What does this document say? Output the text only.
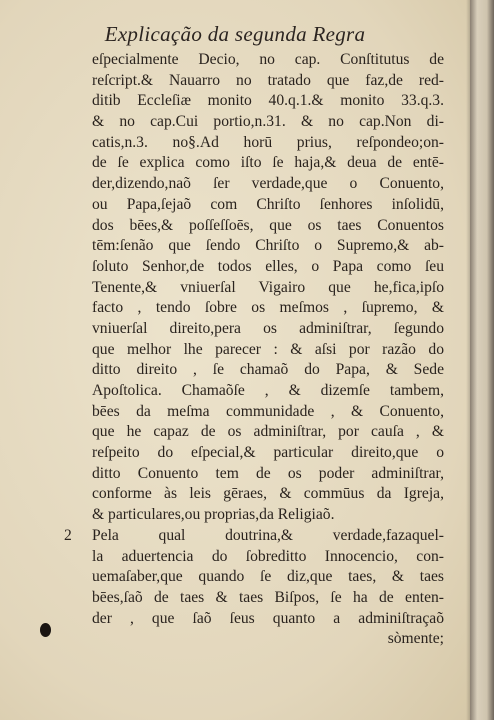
Explicação da segunda Regra
eſpecialmente Decio, no cap. Conſtitutus de
reſcript.& Nauarro no tratado que faz,de red-
ditib Eccleſiæ monito 40.q.1.& monito 33.q.3.
& no cap.Cui portio,n.31. & no cap.Non di-
catis,n.3. no§.Ad horū prius, reſpondeo;on-
de ſe explica como iſto ſe haja,& deua de entē-
der,dizendo,naõ ſer verdade,que o Conuento,
ou Papa,ſejaõ com Chriſto ſenhores inſolidū,
dos bēes,& poſſeſſoēs, que os taes Conuentos
tēm:ſenão que ſendo Chriſto o Supremo,& ab-
ſoluto Senhor,de todos elles, o Papa como ſeu
Tenente,& vniuerſal Vigairo que he,fica,ipſo
facto , tendo ſobre os meſmos , ſupremo, &
vniuerſal direito,pera os adminiſtrar, ſegundo
que melhor lhe parecer : & aſsi por razão do
ditto direito , ſe chamaõ do Papa, & Sede
Apoſtolica. Chamaõſe , & dizemſe tambem,
bēes da meſma communidade , & Conuento,
que he capaz de os adminiſtrar, por cauſa , &
reſpeito do eſpecial,& particular direito,que o
ditto Conuento tem de os poder adminiſtrar,
conforme às leis gēraes, & commūus da Igreja,
& particulares,ou proprias,da Religiaõ.
2 Pela qual doutrina,& verdade,fazaquel-
la aduertencia do ſobreditto Innocencio, con-
uemaſaber,que quando ſe diz,que taes, & taes
bēes,ſaõ de taes & taes Biſpos, ſe ha de enten-
der , que ſaõ ſeus quanto a adminiſtraçaõ
sòmente;
